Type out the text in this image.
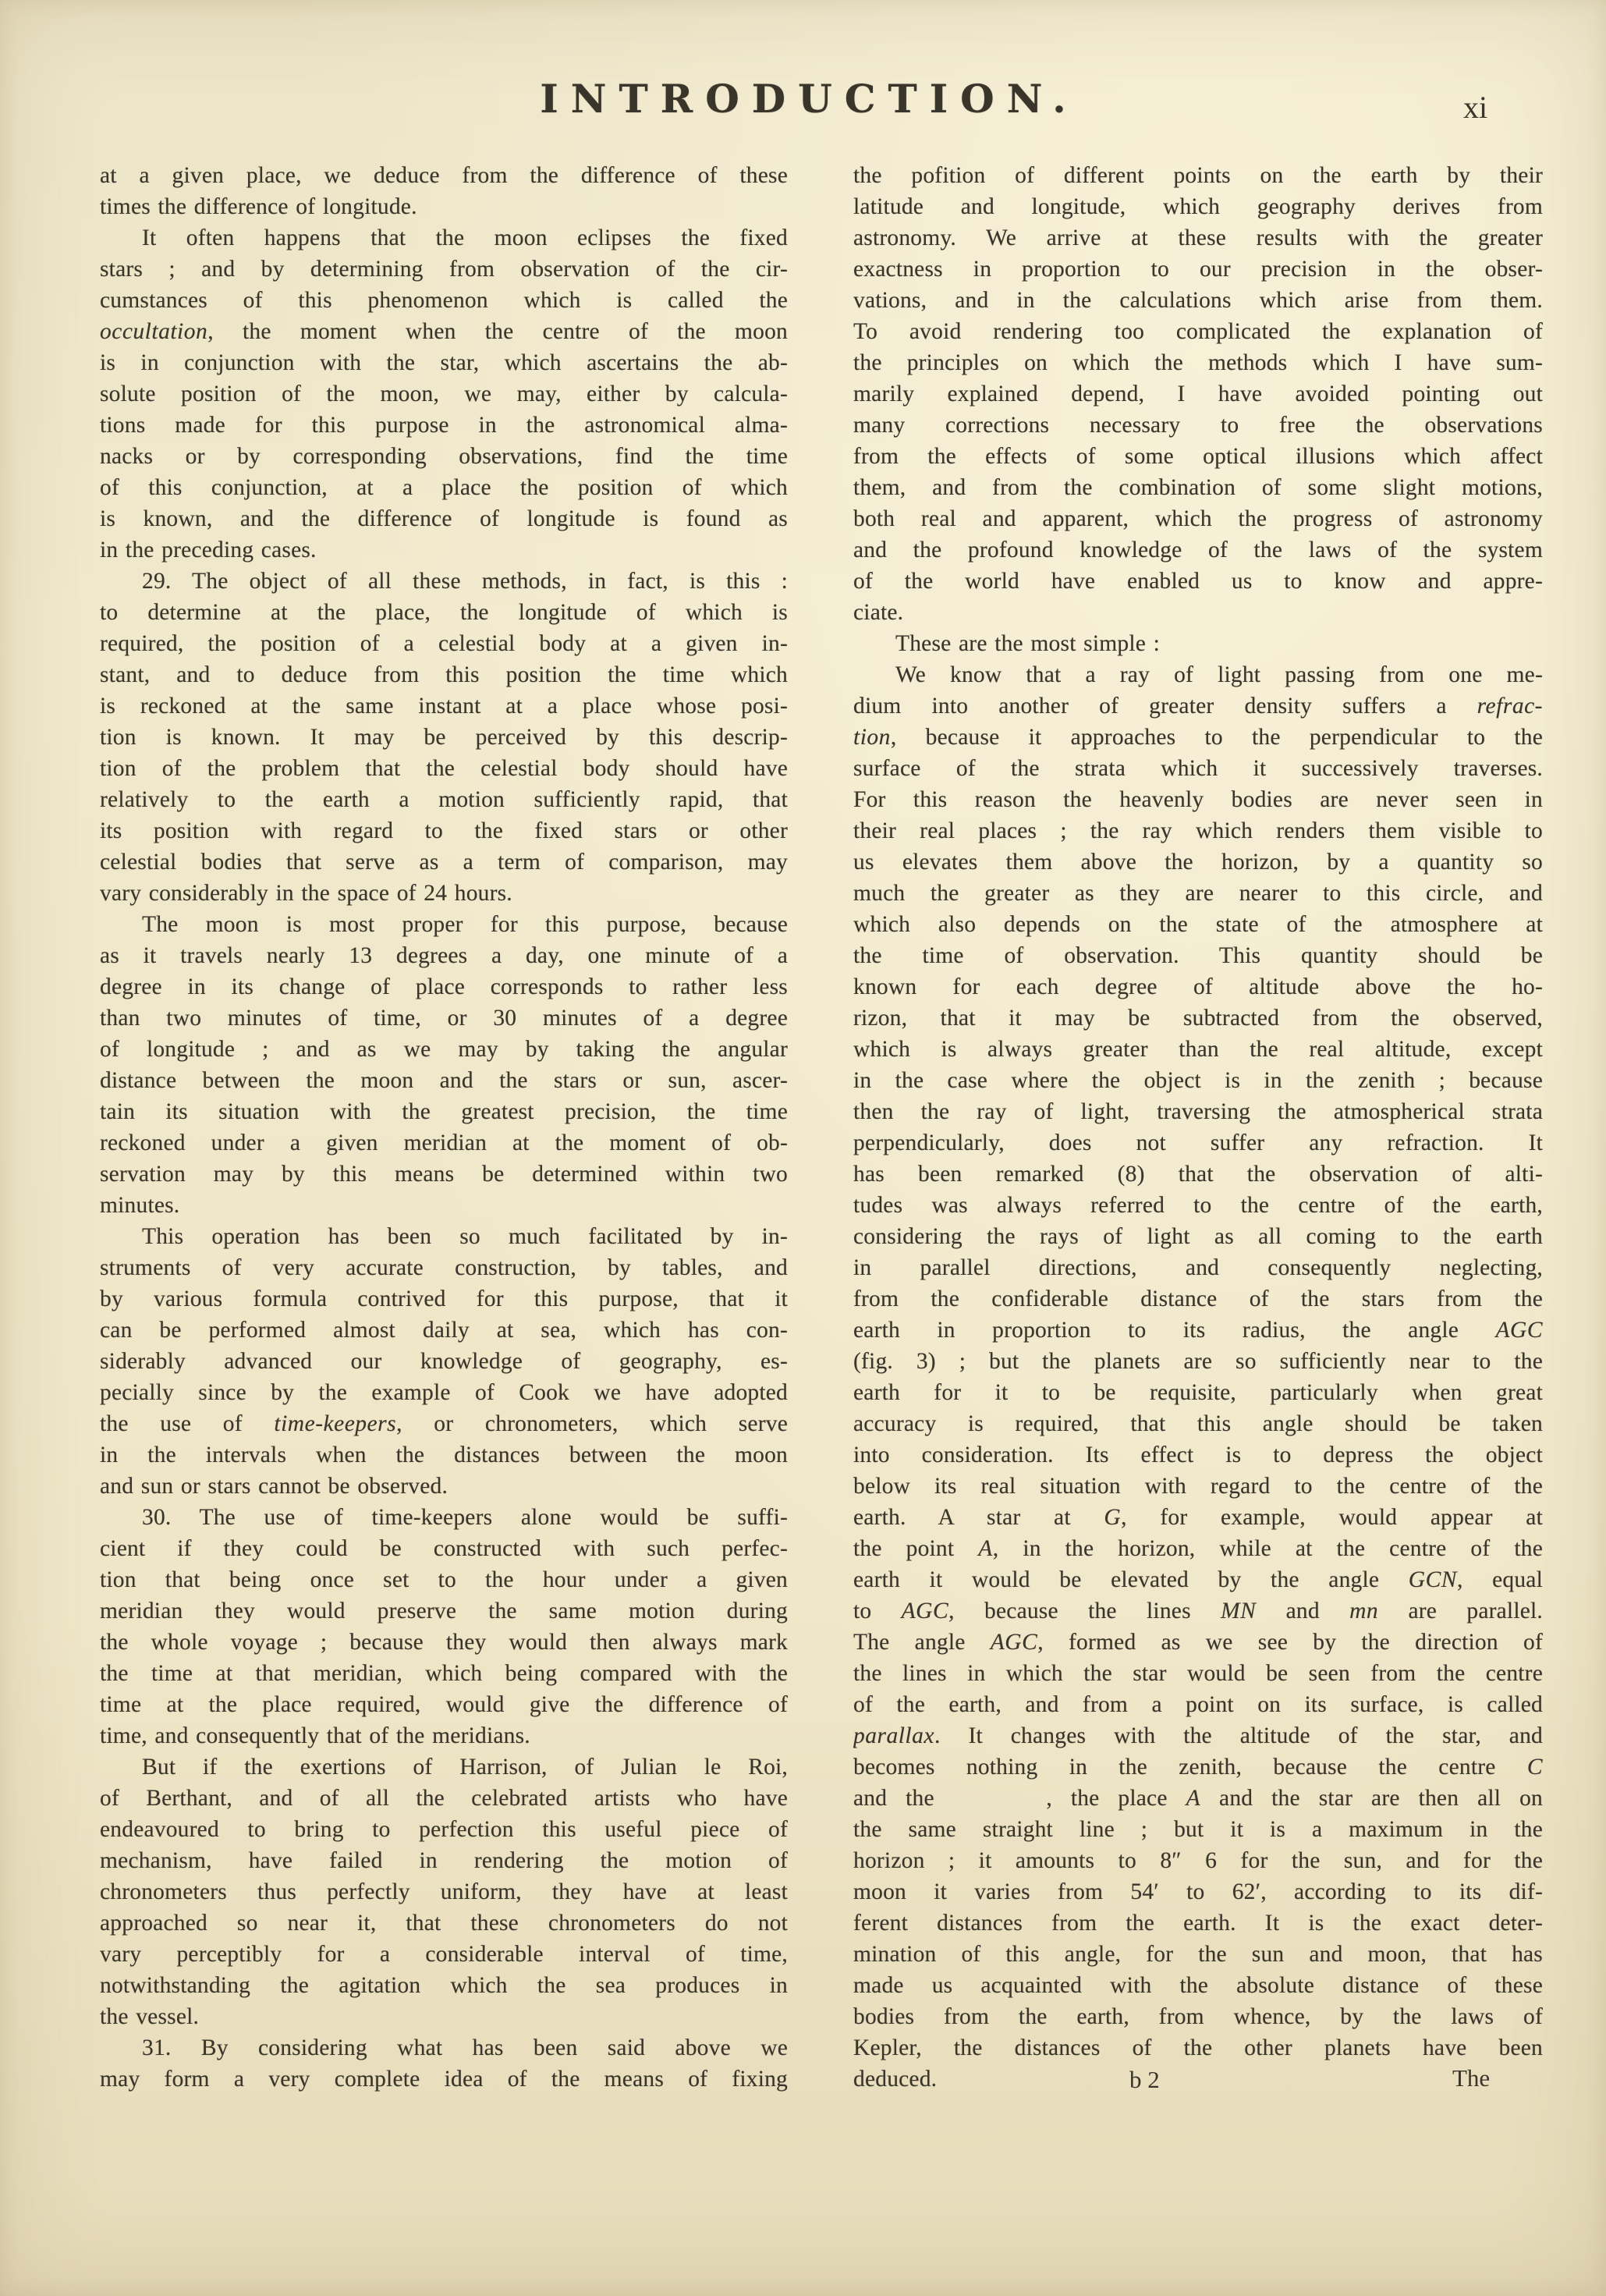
INTRODUCTION.	xi
at a given place, we deduce from the difference of these
times the difference of longitude.
It often happens that the moon eclipses the fixed
stars ; and by determining from observation of the cir-
cumstances of this phenomenon which is called the
occultation, the moment when the centre of the moon
is in conjunction with the star, which ascertains the ab-
solute position of the moon, we may, either by calcula-
tions made for this purpose in the astronomical alma-
nacks or by corresponding observations, find the time
of this conjunction, at a place the position of which
is known, and the difference of longitude is found as
in the preceding cases.
29. The object of all these methods, in fact, is this :
to determine at the place, the longitude of which is
required, the position of a celestial body at a given in-
stant, and to deduce from this position the time which
is reckoned at the same instant at a place whose posi-
tion is known. It may be perceived by this descrip-
tion of the problem that the celestial body should have
relatively to the earth a motion sufficiently rapid, that
its position with regard to the fixed stars or other
celestial bodies that serve as a term of comparison, may
vary considerably in the space of 24 hours.
The moon is most proper for this purpose, because
as it travels nearly 13 degrees a day, one minute of a
degree in its change of place corresponds to rather less
than two minutes of time, or 30 minutes of a degree
of longitude ; and as we may by taking the angular
distance between the moon and the stars or sun, ascer-
tain its situation with the greatest precision, the time
reckoned under a given meridian at the moment of ob-
servation may by this means be determined within two
minutes.
This operation has been so much facilitated by in-
struments of very accurate construction, by tables, and
by various formula contrived for this purpose, that it
can be performed almost daily at sea, which has con-
siderably advanced our knowledge of geography, es-
pecially since by the example of Cook we have adopted
the use of time-keepers, or chronometers, which serve
in the intervals when the distances between the moon
and sun or stars cannot be observed.
30. The use of time-keepers alone would be suffi-
cient if they could be constructed with such perfec-
tion that being once set to the hour under a given
meridian they would preserve the same motion during
the whole voyage ; because they would then always mark
the time at that meridian, which being compared with the
time at the place required, would give the difference of
time, and consequently that of the meridians.
But if the exertions of Harrison, of Julian le Roi,
of Berthant, and of all the celebrated artists who have
endeavoured to bring to perfection this useful piece of
mechanism, have failed in rendering the motion of
chronometers thus perfectly uniform, they have at least
approached so near it, that these chronometers do not
vary perceptibly for a considerable interval of time,
notwithstanding the agitation which the sea produces in
the vessel.
31. By considering what has been said above we
may form a very complete idea of the means of fixing
the pofition of different points on the earth by their
latitude and longitude, which geography derives from
astronomy. We arrive at these results with the greater
exactness in proportion to our precision in the obser-
vations, and in the calculations which arise from them.
To avoid rendering too complicated the explanation of
the principles on which the methods which I have sum-
marily explained depend, I have avoided pointing out
many corrections necessary to free the observations
from the effects of some optical illusions which affect
them, and from the combination of some slight motions,
both real and apparent, which the progress of astronomy
and the profound knowledge of the laws of the system
of the world have enabled us to know and appre-
ciate.
These are the most simple :
We know that a ray of light passing from one me-
dium into another of greater density suffers a refrac-
tion, because it approaches to the perpendicular to the
surface of the strata which it successively traverses.
For this reason the heavenly bodies are never seen in
their real places ; the ray which renders them visible to
us elevates them above the horizon, by a quantity so
much the greater as they are nearer to this circle, and
which also depends on the state of the atmosphere at
the time of observation. This quantity should be
known for each degree of altitude above the ho-
rizon, that it may be subtracted from the observed,
which is always greater than the real altitude, except
in the case where the object is in the zenith ; because
then the ray of light, traversing the atmospherical strata
perpendicularly, does not suffer any refraction. It
has been remarked (8) that the observation of alti-
tudes was always referred to the centre of the earth,
considering the rays of light as all coming to the earth
in parallel directions, and consequently neglecting,
from the confiderable distance of the stars from the
earth in proportion to its radius, the angle AGC
(fig. 3) ; but the planets are so sufficiently near to the
earth for it to be requisite, particularly when great
accuracy is required, that this angle should be taken
into consideration. Its effect is to depress the object
below its real situation with regard to the centre of the
earth. A star at G, for example, would appear at
the point A, in the horizon, while at the centre of the
earth it would be elevated by the angle GCN, equal
to AGC, because the lines MN and mn are parallel.
The angle AGC, formed as we see by the direction of
the lines in which the star would be seen from the centre
of the earth, and from a point on its surface, is called
parallax. It changes with the altitude of the star, and
becomes nothing in the zenith, because the centre C
and the      , the place A and the star are then all on
the same straight line ; but it is a maximum in the
horizon ; it amounts to 8″ 6 for the sun, and for the
moon it varies from 54′ to 62′, according to its dif-
ferent distances from the earth. It is the exact deter-
mination of this angle, for the sun and moon, that has
made us acquainted with the absolute distance of these
bodies from the earth, from whence, by the laws of
Kepler, the distances of the other planets have been
deduced.	b 2	The
